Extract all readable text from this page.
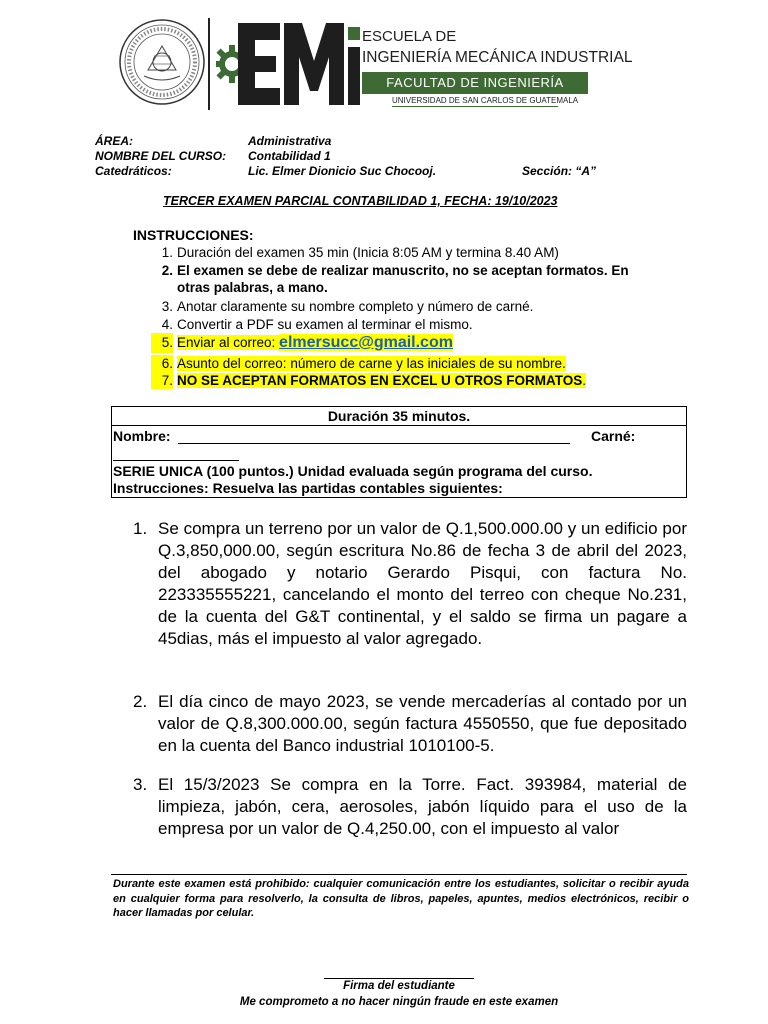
ESCUELA DE
INGENIERÍA MECÁNICA INDUSTRIAL
FACULTAD DE INGENIERÍA
UNIVERSIDAD DE SAN CARLOS DE GUATEMALA
ÁREA:	Administrativa
NOMBRE DEL CURSO: Contabilidad 1
Catedráticos:	Lic. Elmer Dionicio Suc Chocooj.	Sección: “A”
TERCER EXAMEN PARCIAL CONTABILIDAD 1, FECHA: 19/10/2023
INSTRUCCIONES:
1. Duración del examen 35 min (Inicia 8:05 AM y termina 8.40 AM)
2. El examen se debe de realizar manuscrito, no se aceptan formatos. En
otras palabras, a mano.
3. Anotar claramente su nombre completo y número de carné.
4. Convertir a PDF su examen al terminar el mismo.
5. Enviar al correo: elmersucc@gmail.com
6. Asunto del correo: número de carne y las iniciales de su nombre.
7. NO SE ACEPTAN FORMATOS EN EXCEL U OTROS FORMATOS.
Duración 35 minutos.
Nombre:	Carné:
SERIE UNICA (100 puntos.) Unidad evaluada según programa del curso.
Instrucciones: Resuelva las partidas contables siguientes:
1. Se compra un terreno por un valor de Q.1,500.000.00 y un edificio por Q.3,850,000.00, según escritura No.86 de fecha 3 de abril del 2023, del abogado y notario Gerardo Pisqui, con factura No. 223335555221, cancelando el monto del terreo con cheque No.231, de la cuenta del G&T continental, y el saldo se firma un pagare a 45dias, más el impuesto al valor agregado.
2. El día cinco de mayo 2023, se vende mercaderías al contado por un valor de Q.8,300.000.00, según factura 4550550, que fue depositado en la cuenta del Banco industrial 1010100-5.
3. El 15/3/2023 Se compra en la Torre. Fact. 393984, material de limpieza, jabón, cera, aerosoles, jabón líquido para el uso de la empresa por un valor de Q.4,250.00, con el impuesto al valor
Durante este examen está prohibido: cualquier comunicación entre los estudiantes, solicitar o recibir ayuda en cualquier forma para resolverlo, la consulta de libros, papeles, apuntes, medios electrónicos, recibir o hacer llamadas por celular.
Firma del estudiante
Me comprometo a no hacer ningún fraude en este examen
